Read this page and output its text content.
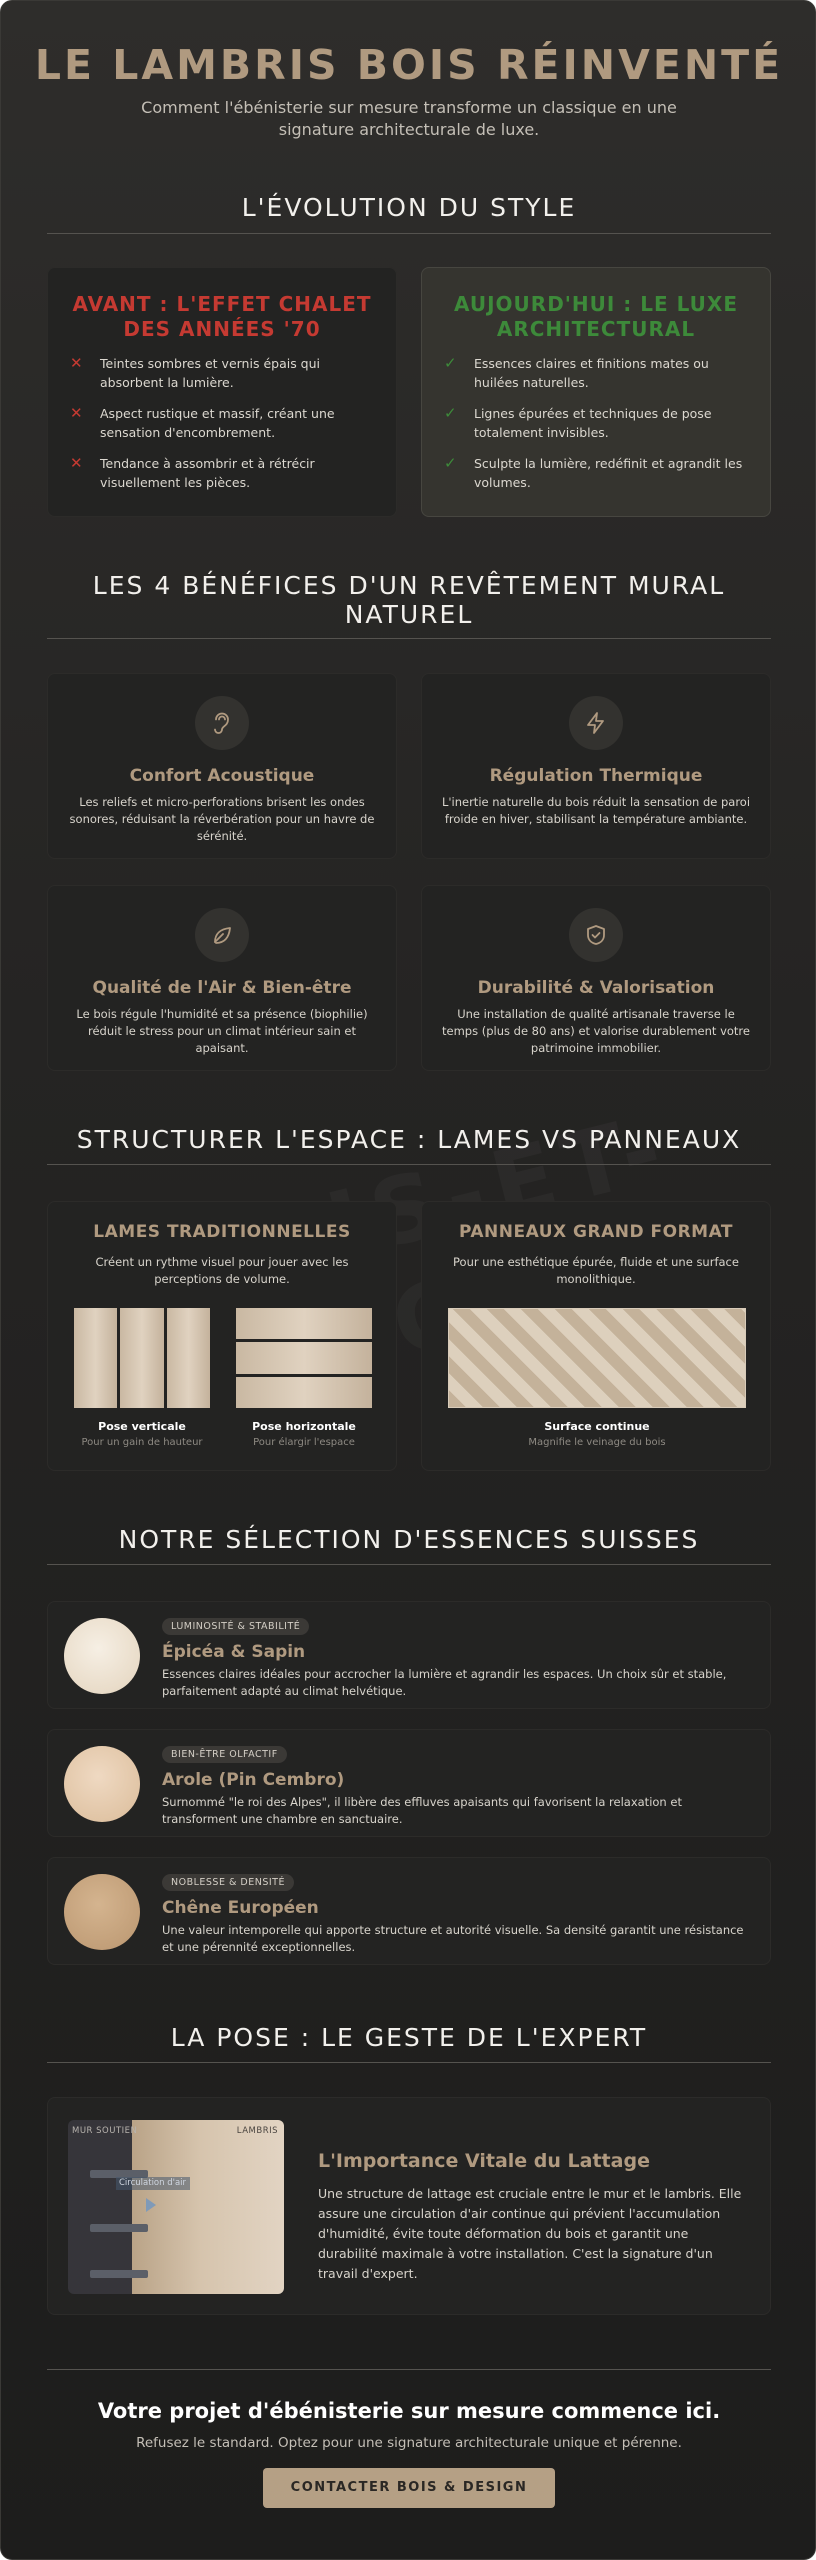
LE LAMBRIS BOIS RÉINVENTÉ
Comment l'ébénisterie sur mesure transforme un classique en une signature architecturale de luxe.
L'ÉVOLUTION DU STYLE
AVANT : L'EFFET CHALET DES ANNÉES '70
✕ Teintes sombres et vernis épais qui absorbent la lumière.
✕ Aspect rustique et massif, créant une sensation d'encombrement.
✕ Tendance à assombrir et à rétrécir visuellement les pièces.
AUJOURD'HUI : LE LUXE ARCHITECTURAL
✓ Essences claires et finitions mates ou huilées naturelles.
✓ Lignes épurées et techniques de pose totalement invisibles.
✓ Sculpte la lumière, redéfinit et agrandit les volumes.
LES 4 BÉNÉFICES D'UN REVÊTEMENT MURAL NATUREL
Confort Acoustique
Les reliefs et micro-perforations brisent les ondes sonores, réduisant la réverbération pour un havre de sérénité.
Régulation Thermique
L'inertie naturelle du bois réduit la sensation de paroi froide en hiver, stabilisant la température ambiante.
Qualité de l'Air & Bien-être
Le bois régule l'humidité et sa présence (biophilie) réduit le stress pour un climat intérieur sain et apaisant.
Durabilité & Valorisation
Une installation de qualité artisanale traverse le temps (plus de 80 ans) et valorise durablement votre patrimoine immobilier.
STRUCTURER L'ESPACE : LAMES VS PANNEAUX
LAMES TRADITIONNELLES
Créent un rythme visuel pour jouer avec les perceptions de volume.
Pose verticale
Pour un gain de hauteur
Pose horizontale
Pour élargir l'espace
PANNEAUX GRAND FORMAT
Pour une esthétique épurée, fluide et une surface monolithique.
Surface continue
Magnifie le veinage du bois
NOTRE SÉLECTION D'ESSENCES SUISSES
LUMINOSITÉ & STABILITÉ
Épicéa & Sapin
Essences claires idéales pour accrocher la lumière et agrandir les espaces. Un choix sûr et stable, parfaitement adapté au climat helvétique.
BIEN-ÊTRE OLFACTIF
Arole (Pin Cembro)
Surnommé "le roi des Alpes", il libère des effluves apaisants qui favorisent la relaxation et transforment une chambre en sanctuaire.
NOBLESSE & DENSITÉ
Chêne Européen
Une valeur intemporelle qui apporte structure et autorité visuelle. Sa densité garantit une résistance et une pérennité exceptionnelles.
LA POSE : LE GESTE DE L'EXPERT
MUR SOUTIEN	LAMBRIS
Circulation d'air
L'Importance Vitale du Lattage
Une structure de lattage est cruciale entre le mur et le lambris. Elle assure une circulation d'air continue qui prévient l'accumulation d'humidité, évite toute déformation du bois et garantit une durabilité maximale à votre installation. C'est la signature d'un travail d'expert.
Votre projet d'ébénisterie sur mesure commence ici.
Refusez le standard. Optez pour une signature architecturale unique et pérenne.
CONTACTER BOIS & DESIGN
